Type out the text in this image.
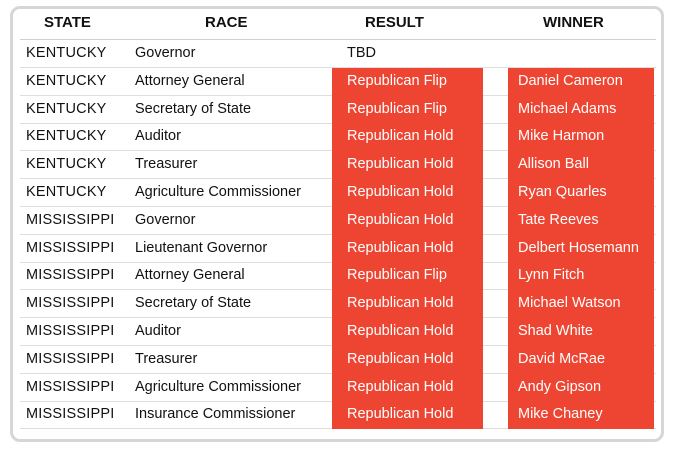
STATE	RACE	RESULT	WINNER
KENTUCKY Governor	TBD
KENTUCKY Attorney General	Republican Flip	Daniel Cameron
KENTUCKY Secretary of State	Republican Flip	Michael Adams
KENTUCKY Auditor	Republican Hold	Mike Harmon
KENTUCKY Treasurer	Republican Hold	Allison Ball
KENTUCKY Agriculture Commissioner	Republican Hold	Ryan Quarles
MISSISSIPPI Governor	Republican Hold	Tate Reeves
MISSISSIPPI Lieutenant Governor	Republican Hold	Delbert Hosemann
MISSISSIPPI Attorney General	Republican Flip	Lynn Fitch
MISSISSIPPI Secretary of State	Republican Hold	Michael Watson
MISSISSIPPI Auditor	Republican Hold	Shad White
MISSISSIPPI Treasurer	Republican Hold	David McRae
MISSISSIPPI Agriculture Commissioner	Republican Hold	Andy Gipson
MISSISSIPPI Insurance Commissioner	Republican Hold	Mike Chaney
